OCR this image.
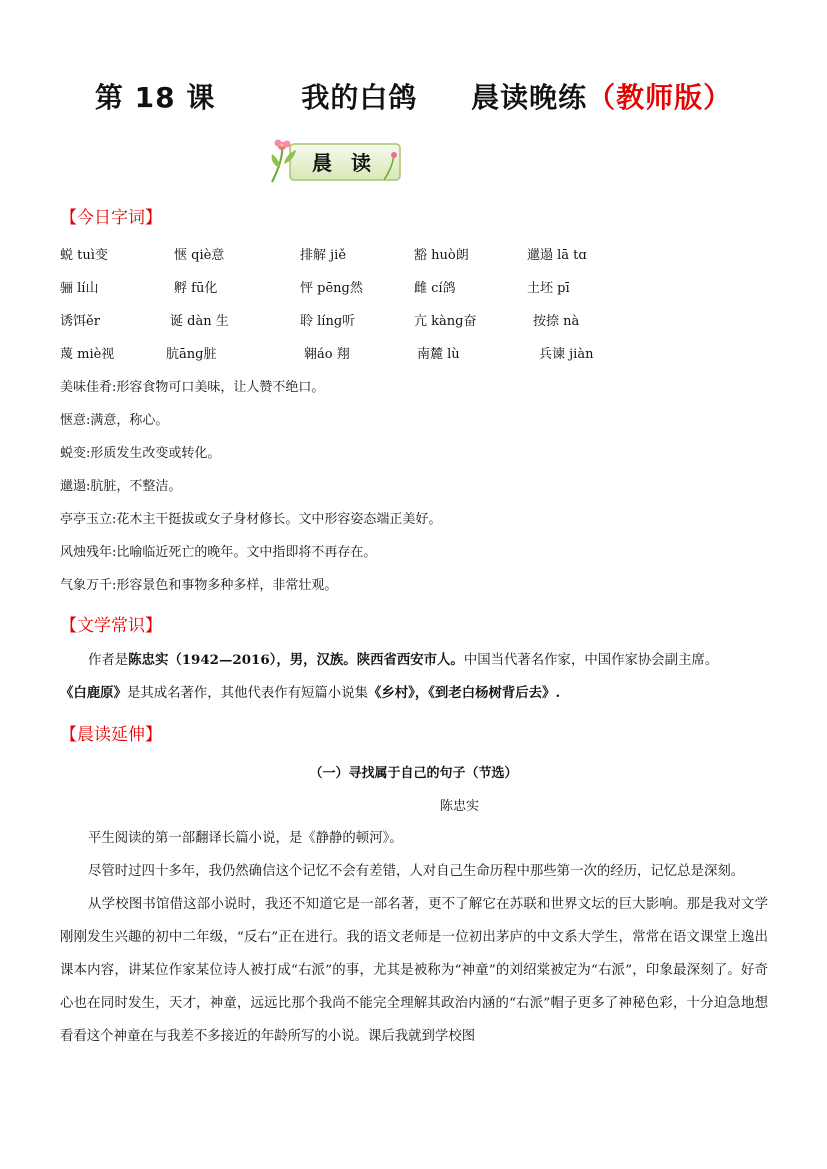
第 18 课	我的白鸽 晨读晚练（教师版）
晨 读
【今日字词】
蜕 tuì变	惬 qiè意	排解 jiě	豁 huò朗	邋遢 lā tɑ
骊 lí山	孵 fū化	怦 pēnɡ然	雌 cí鸽	土坯 pī
诱饵ěr	诞 dàn 生	聆 línɡ听	亢 kànɡ奋	按捺 nà
蔑 miè视	肮ānɡ脏	翱áo 翔	南麓 lù	兵谏 jiàn
美味佳肴:形容食物可口美味，让人赞不绝口。
惬意:满意，称心。
蜕变:形质发生改变或转化。
邋遢:肮脏，不整洁。
亭亭玉立:花木主干挺拔或女子身材修长。文中形容姿态端正美好。
风烛残年:比喻临近死亡的晚年。文中指即将不再存在。
气象万千:形容景色和事物多种多样，非常壮观。
【文学常识】

作者是陈忠实（1942—2016），男，汉族。陕西省西安市人。中国当代著名作家，中国作家协会副主席。

《白鹿原》是其成名著作，其他代表作有短篇小说集《乡村》，《到老白杨树背后去》.

【晨读延伸】
（一）寻找属于自己的句子（节选）
陈忠实

平生阅读的第一部翻译长篇小说，是《静静的顿河》。

尽管时过四十多年，我仍然确信这个记忆不会有差错，人对自己生命历程中那些第一次的经历，记忆总是深刻。

从学校图书馆借这部小说时，我还不知道它是一部名著，更不了解它在苏联和世界文坛的巨大影响。那是我对文学刚刚发生兴趣的初中二年级，“反右”正在进行。我的语文老师是一位初出茅庐的中文系大学生，常常在语文课堂上逸出课本内容，讲某位作家某位诗人被打成“右派”的事，尤其是被称为“神童”的刘绍棠被定为“右派”，印象最深刻了。好奇心也在同时发生，天才，神童，远远比那个我尚不能完全理解其政治内涵的“右派”帽子更多了神秘色彩，十分迫急地想看看这个神童在与我差不多接近的年龄所写的小说。课后我就到学校图
